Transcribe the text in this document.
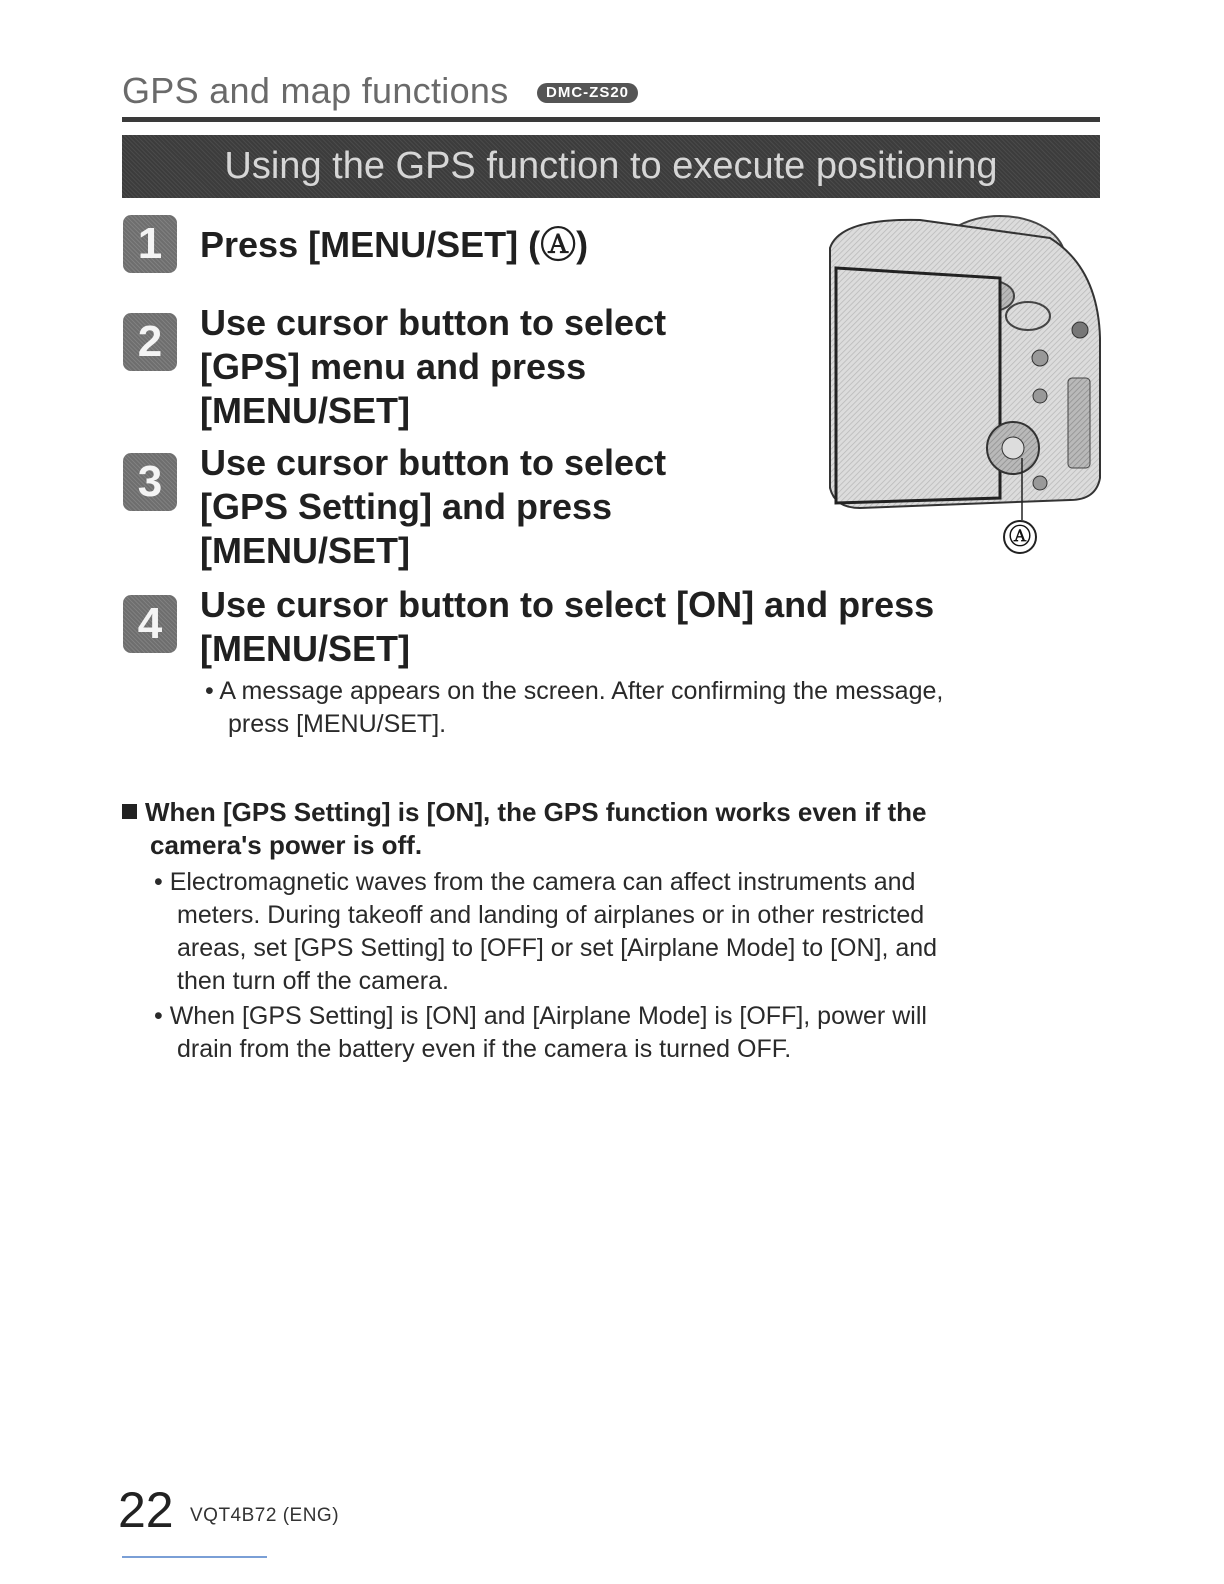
GPS and map functions	DMC-ZS20
Using the GPS function to execute positioning
1	Press [MENU/SET] (Ⓐ)
2	Use cursor button to select
[GPS] menu and press
[MENU/SET]
3	Use cursor button to select
[GPS Setting] and press
[MENU/SET]
4	Use cursor button to select [ON] and press
[MENU/SET]
• A message appears on the screen. After confirming the message,
press [MENU/SET].
Ⓐ
When [GPS Setting] is [ON], the GPS function works even if the
camera's power is off.
• Electromagnetic waves from the camera can affect instruments and
meters. During takeoff and landing of airplanes or in other restricted
areas, set [GPS Setting] to [OFF] or set [Airplane Mode] to [ON], and
then turn off the camera.
• When [GPS Setting] is [ON] and [Airplane Mode] is [OFF], power will
drain from the battery even if the camera is turned OFF.
22 VQT4B72 (ENG)
